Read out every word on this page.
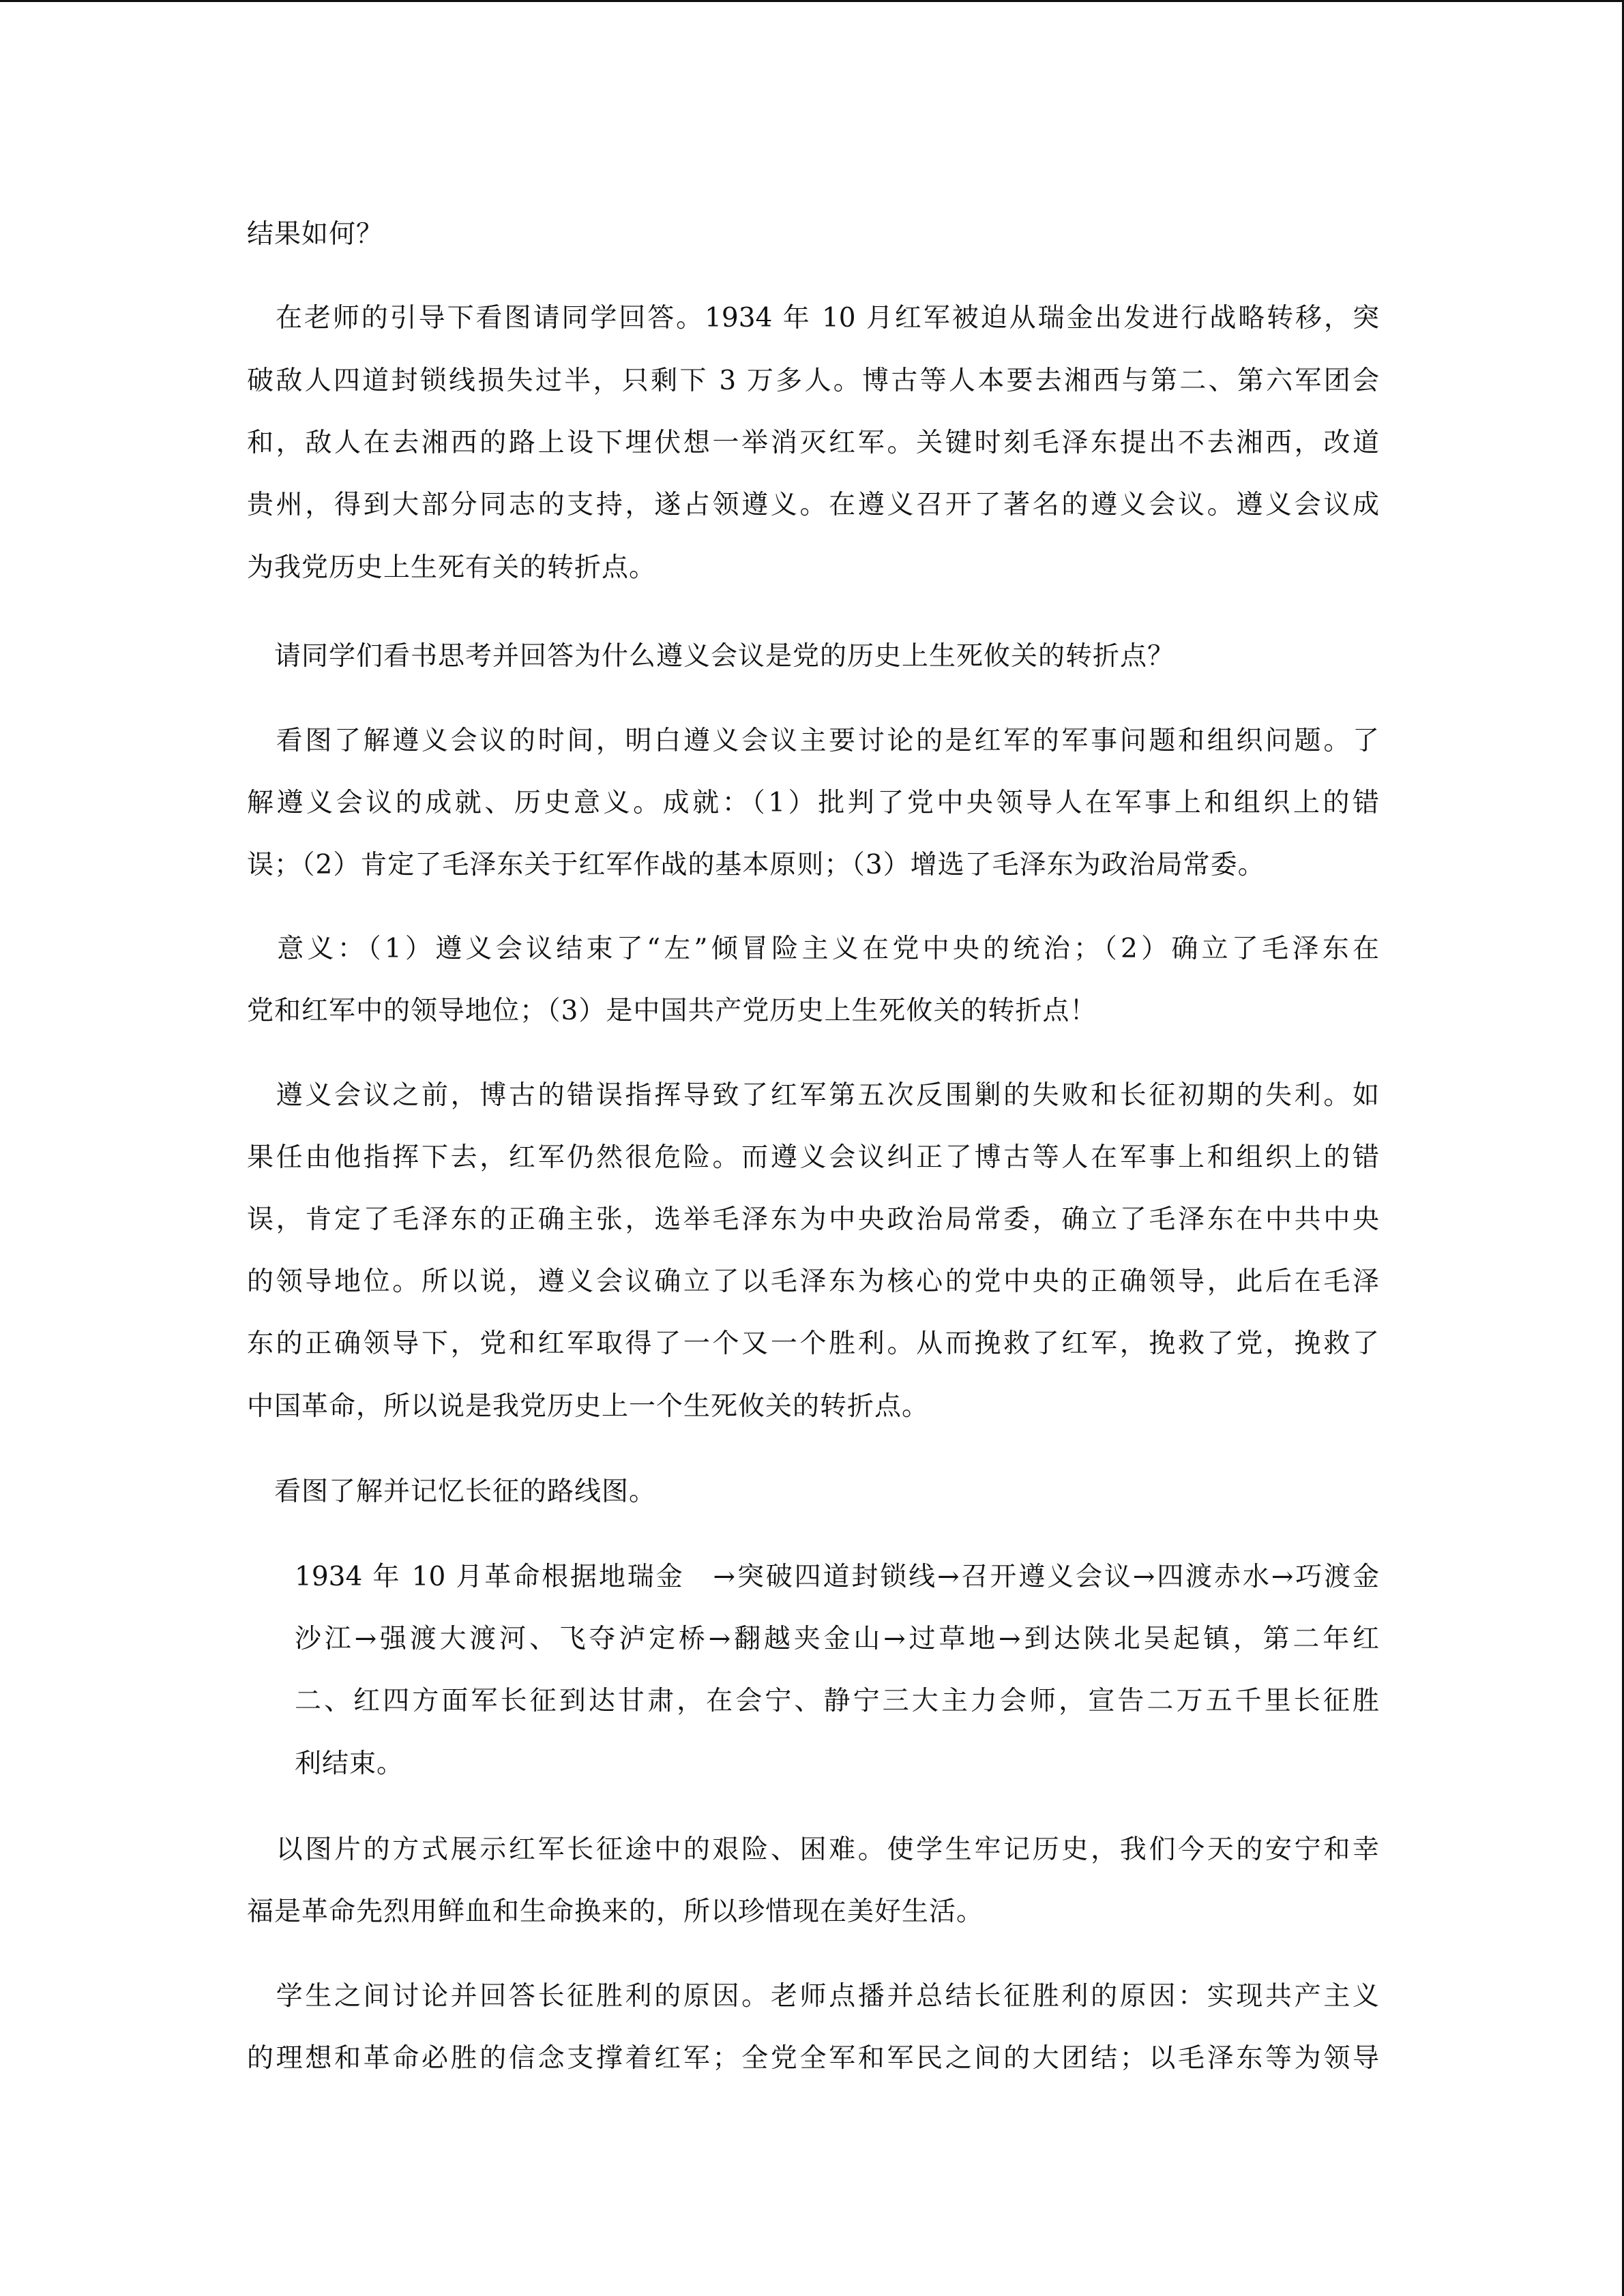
结果如何？
　在老师的引导下看图请同学回答。1934 年 10 月红军被迫从瑞金出发进行战略转移，突
破敌人四道封锁线损失过半，只剩下 3 万多人。博古等人本要去湘西与第二、第六军团会
和，敌人在去湘西的路上设下埋伏想一举消灭红军。关键时刻毛泽东提出不去湘西，改道
贵州，得到大部分同志的支持，遂占领遵义。在遵义召开了著名的遵义会议。遵义会议成
为我党历史上生死有关的转折点。
　请同学们看书思考并回答为什么遵义会议是党的历史上生死攸关的转折点？
　看图了解遵义会议的时间，明白遵义会议主要讨论的是红军的军事问题和组织问题。了
解遵义会议的成就、历史意义。成就：（1）批判了党中央领导人在军事上和组织上的错
误；（2）肯定了毛泽东关于红军作战的基本原则；（3）增选了毛泽东为政治局常委。
　意义：（1）遵义会议结束了“左”倾冒险主义在党中央的统治；（2）确立了毛泽东在
党和红军中的领导地位；（3）是中国共产党历史上生死攸关的转折点！
　遵义会议之前，博古的错误指挥导致了红军第五次反围剿的失败和长征初期的失利。如
果任由他指挥下去，红军仍然很危险。而遵义会议纠正了博古等人在军事上和组织上的错
误，肯定了毛泽东的正确主张，选举毛泽东为中央政治局常委，确立了毛泽东在中共中央
的领导地位。所以说，遵义会议确立了以毛泽东为核心的党中央的正确领导，此后在毛泽
东的正确领导下，党和红军取得了一个又一个胜利。从而挽救了红军，挽救了党，挽救了
中国革命，所以说是我党历史上一个生死攸关的转折点。
　看图了解并记忆长征的路线图。
1934 年 10 月革命根据地瑞金　→突破四道封锁线→召开遵义会议→四渡赤水→巧渡金
沙江→强渡大渡河、飞夺泸定桥→翻越夹金山→过草地→到达陕北吴起镇，第二年红
二、红四方面军长征到达甘肃，在会宁、静宁三大主力会师，宣告二万五千里长征胜
利结束。
　以图片的方式展示红军长征途中的艰险、困难。使学生牢记历史，我们今天的安宁和幸
福是革命先烈用鲜血和生命换来的，所以珍惜现在美好生活。
　学生之间讨论并回答长征胜利的原因。老师点播并总结长征胜利的原因：实现共产主义
的理想和革命必胜的信念支撑着红军；全党全军和军民之间的大团结；以毛泽东等为领导
